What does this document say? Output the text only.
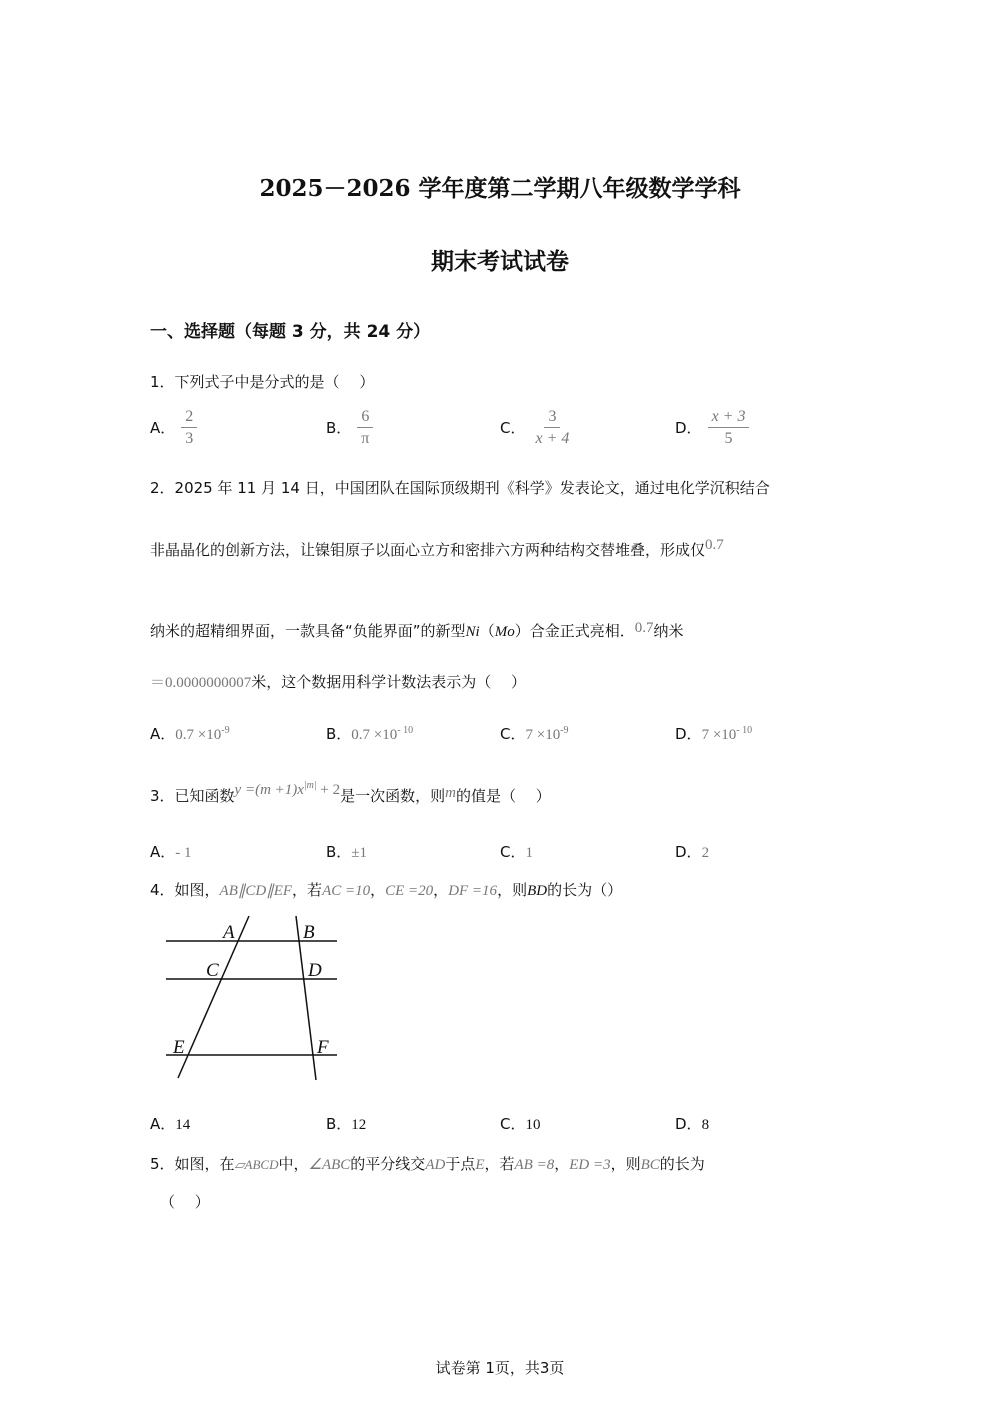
2025－2026 学年度第二学期八年级数学学科
期末考试试卷
一、选择题（每题 3 分，共 24 分）
1．下列式子中是分式的是（　 ）
A． $\frac{2}{3}$	B． $\frac{6}{\pi}$	C． $\frac{3}{x + 4}$	D． $\frac{x + 3}{5}$
2．2025 年 11 月 14 日，中国团队在国际顶级期刊《科学》发表论文，通过电化学沉积结合
非晶晶化的创新方法，让镍钼原子以面心立方和密排六方两种结构交替堆叠，形成仅0.7
纳米的超精细界面，一款具备“负能界面”的新型Ni（Mo）合金正式亮相．0.7纳米
＝0.0000000007米，这个数据用科学计数法表示为（　 ）
A．$0.7 \times 10^{-9}$	B．$0.7 \times 10^{- 10}$	C．$7 \times 10^{-9}$	D．$7 \times 10^{- 10}$
3．已知函数$y =(m +1)x^{|m|} + 2$是一次函数，则m的值是（　 ）
A．- 1	B．±1	C．1	D．2
4．如图，AB∥CD∥EF，若AC =10，CE =20，DF =16，则BD的长为（）
A	B
C	D
E	F
A．14	B．12	C．10	D．8
5．如图，在▱ABCD中，∠ABC的平分线交AD于点E，若AB =8，ED =3，则BC的长为
（　 ）
试卷第 1页，共3页
